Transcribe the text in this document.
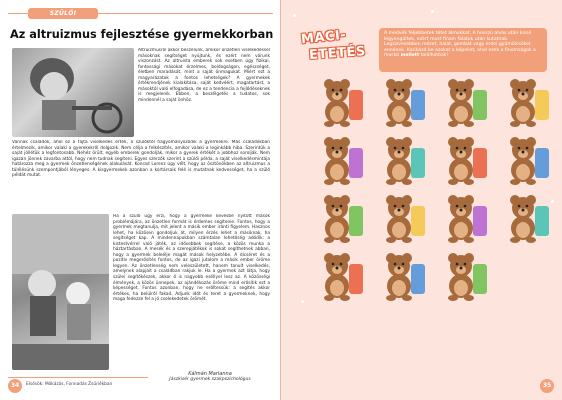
SZÜLŐI ÉRTEKEZLET
Az altruizmus fejlesztése gyermekkorban

Altruizmusról akkor beszélünk, amikor önzetlen viselkedéssel másoknak segítséget nyújtunk, és ezért nem várunk viszonzást. Az altruista emberek sok esetben úgy fizikai, fontossági másokat érzelmes, boldogságon, egészséget, életben maradását, mint a saját önmagukat. Miért ezt a magyarázatok a fontos lehetségek? A gyermekek értékrendjének kialakítása, saját kedvéért, magatartást, a másoktól való elfogadása, de ez a tendencia a fejlődéseknek is megjelenik. Ebben, a beszélgetés a tudatos, sok mindennél a saját önhöz.

Vannak családok, ahol ez a fajta viselkedés érték, a szülőktől hagyományozódik a gyermekre. Más családokban értelmezik, amikor valaki a gyerekekről dolgozik. Nem célja a felkészítés, amikor valaki a leginkább hiba. Szerintük a saját jóllétük a legfontosabb. Nehéz örült, egyéb emberek gondolják, mikor a gyerek értékét a jobbhoz sorolják. Nem igazán jönnek zavarba attól, hogy nem tudnak segíteni. Egyes szerzők szerint a szülői példa, a saját viselkedésmintája határozza meg a gyermek önzetlenségének alakulását. Konrad Lorenz úgy vélt, hogy az ösztönökben az altruizmus a túlélésünk szempontjából lényeges. A kisgyermekek azonban a kortársaik felé is mutatnak kedvességet, ha a szülő példát mutat.

Ha a szülő úgy érzi, hogy a gyermeke kevésbé nyitott mások problémájára, az önzetlen formát is érdemes segítenie. Fontos, hogy a gyermek megtanulja, mit jelent a másik ember iránti figyelem. Hasznos lehet, ha közösen gondoljuk át, milyen érzés lehet a másiknak, ha segítséget kap. A mindennapokban számtalan lehetőség adódik: a kistestvérrel való játék, az idősebbek segítése, a közös munka a háztartásban. A mesék és a szerepjátékok is sokat segíthetnek abban, hogy a gyermek beleélje magát mások helyzetébe. A dicséret és a pozitív megerősítés fontos, de az igazi jutalom a másik ember öröme legyen. Az önzetlenség nem veleszületett, hanem tanult viselkedés, amelynek alapjait a családban rakjuk le. Ha a gyermek azt látja, hogy szülei segítőkészek, akkor ő is nagyobb eséllyel lesz az. A közösségi élmények, a közös ünnepek, az ajándékozás öröme mind erősítik ezt a képességet. Fontos azonban, hogy ne erőltessük: a segítés akkor értékes, ha belülről fakad. Adjunk időt és teret a gyermeknek, hogy maga fedezze fel a jó cselekedetek örömét.

Kálmán Marianna
Jászkisér gyermek szakpszichológus
34	Elsősök: Mókázás, Fonnadás Zsűriékban
MACI-
ETETÉS

A medvék feljebbetek tétet álmukkat. A hosszú alvás után kissé legyengültek, ezért most finom falatok után kutatnak. Legszívesebben mézet, halat, gombát vagy erdei gyümölcsöket ennének. Karikázd be azokat a képeket, ahol ezek a finomságok a mackó mellett találhatóak!

35
